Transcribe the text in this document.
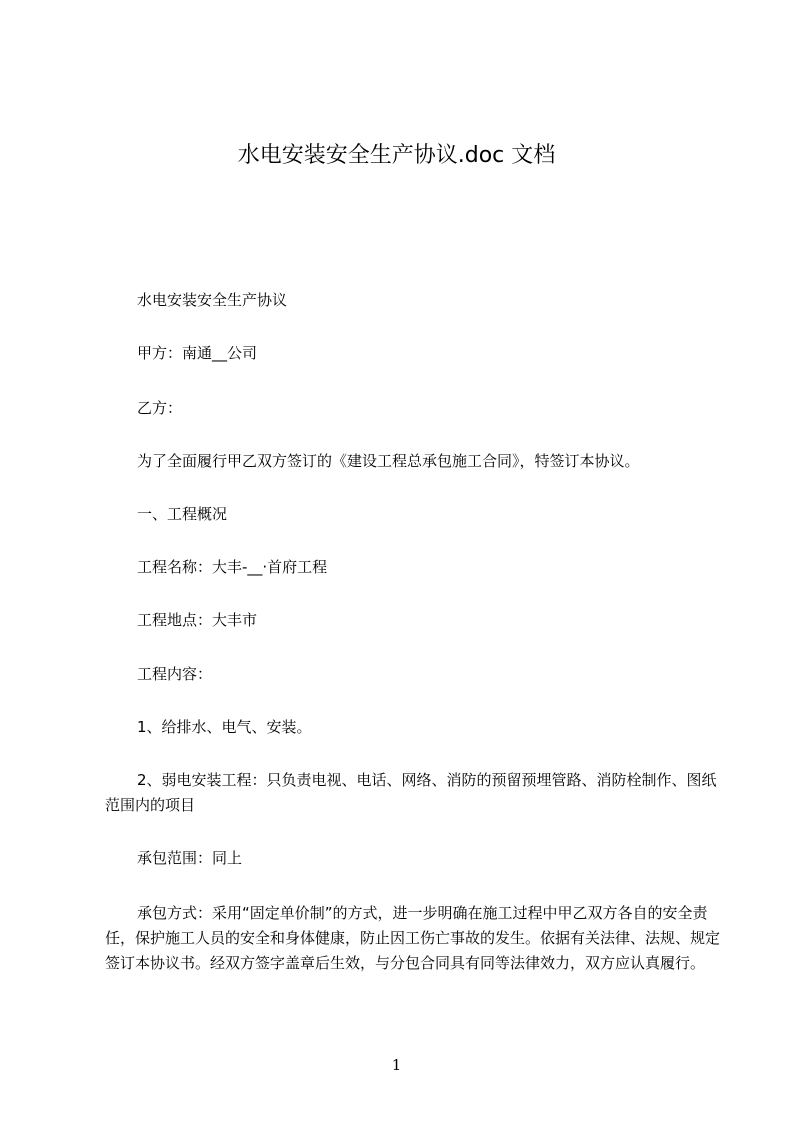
水电安装安全生产协议.doc 文档

水电安装安全生产协议

甲方：南通__公司

乙方：

为了全面履行甲乙双方签订的《建设工程总承包施工合同》，特签订本协议。

一、工程概况

工程名称：大丰-__·首府工程

工程地点：大丰市

工程内容：

1、给排水、电气、安装。

2、弱电安装工程：只负责电视、电话、网络、消防的预留预埋管路、消防栓制作、图纸范围内的项目

承包范围：同上

承包方式：采用“固定单价制”的方式，进一步明确在施工过程中甲乙双方各自的安全责任，保护施工人员的安全和身体健康，防止因工伤亡事故的发生。依据有关法律、法规、规定签订本协议书。经双方签字盖章后生效，与分包合同具有同等法律效力，双方应认真履行。

1
